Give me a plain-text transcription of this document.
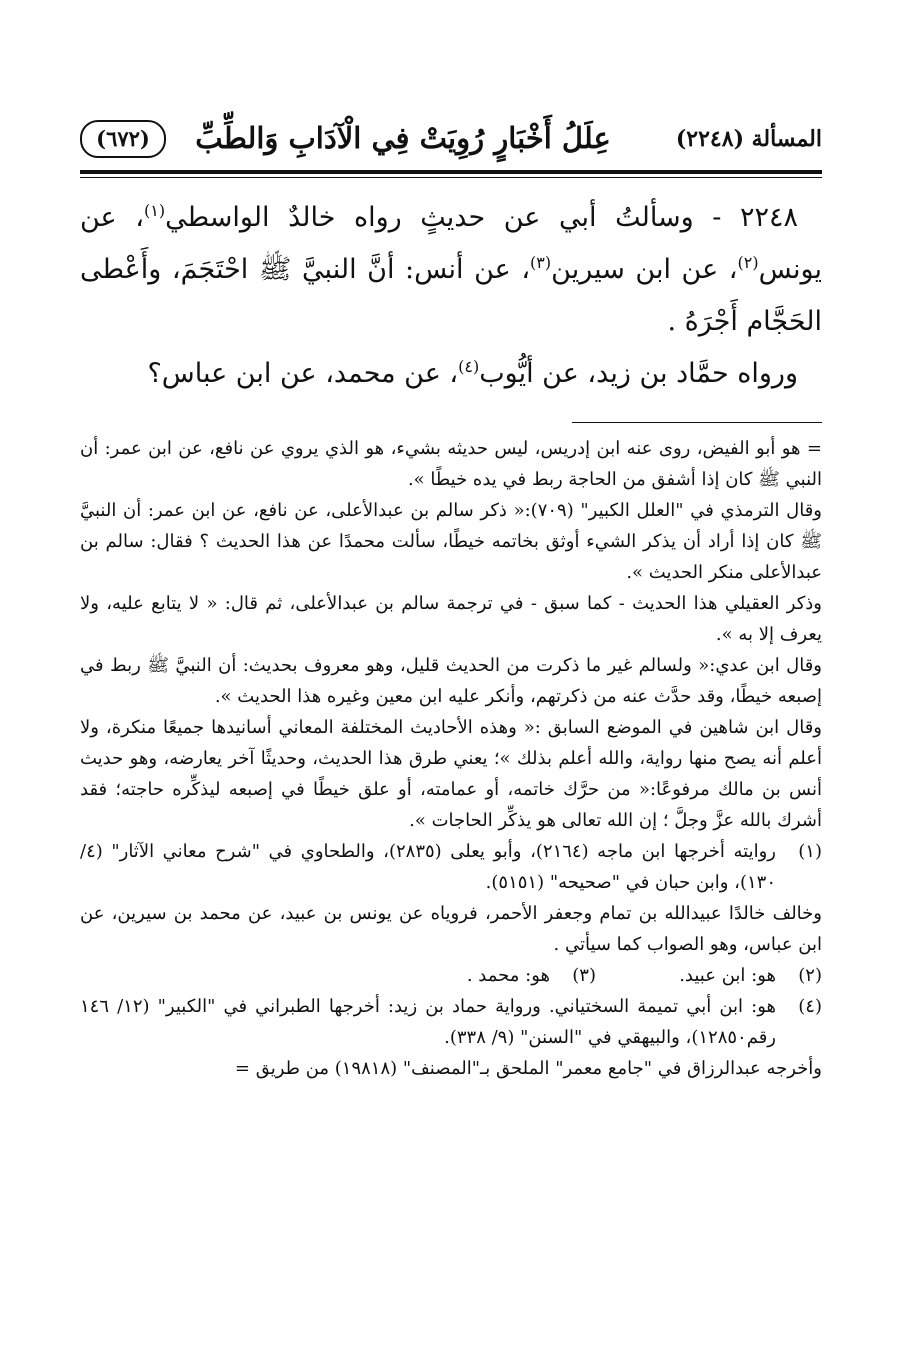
(٦٧٢)	عِلَلُ أَخْبَارٍ رُوِيَتْ فِي الْآدَابِ وَالطِّبِّ	المسألة (٢٢٤٨)

٢٢٤٨ - وسألتُ أبي عن حديثٍ رواه خالدٌ الواسطي$^{(١)}$، عن يونس$^{(٢)}$، عن ابن سيرين$^{(٣)}$، عن أنس: أنَّ النبيَّ ﷺ احْتَجَمَ، وأَعْطى الحَجَّام أَجْرَهُ .

ورواه حمَّاد بن زيد، عن أيُّوب$^{(٤)}$، عن محمد، عن ابن عباس؟

= هو أبو الفيض، روى عنه ابن إدريس، ليس حديثه بشيء، هو الذي يروي عن نافع، عن ابن عمر: أن النبي ﷺ كان إذا أشفق من الحاجة ربط في يده خيطًا ».

وقال الترمذي في "العلل الكبير" (٧٠٩):« ذكر سالم بن عبدالأعلى، عن نافع، عن ابن عمر: أن النبيَّ ﷺ كان إذا أراد أن يذكر الشيء أوثق بخاتمه خيطًا، سألت محمدًا عن هذا الحديث ؟ فقال: سالم بن عبدالأعلى منكر الحديث ».

وذكر العقيلي هذا الحديث - كما سبق - في ترجمة سالم بن عبدالأعلى، ثم قال: « لا يتابع عليه، ولا يعرف إلا به ».

وقال ابن عدي:« ولسالم غير ما ذكرت من الحديث قليل، وهو معروف بحديث: أن النبيَّ ﷺ ربط في إصبعه خيطًا، وقد حدَّث عنه من ذكرتهم، وأنكر عليه ابن معين وغيره هذا الحديث ».

وقال ابن شاهين في الموضع السابق :« وهذه الأحاديث المختلفة المعاني أسانيدها جميعًا منكرة، ولا أعلم أنه يصح منها رواية، والله أعلم بذلك »؛ يعني طرق هذا الحديث، وحديثًا آخر يعارضه، وهو حديث أنس بن مالك مرفوعًا:« من حرَّك خاتمه، أو عمامته، أو علق خيطًا في إصبعه ليذكِّره حاجته؛ فقد أشرك بالله عزَّ وجلَّ ؛ إن الله تعالى هو يذكِّر الحاجات ».

(١)

روايته أخرجها ابن ماجه (٢١٦٤)، وأبو يعلى (٢٨٣٥)، والطحاوي في "شرح معاني الآثار" (٤/ ١٣٠)، وابن حبان في "صحيحه" (٥١٥١).

وخالف خالدًا عبيدالله بن تمام وجعفر الأحمر، فروياه عن يونس بن عبيد، عن محمد بن سيرين، عن ابن عباس، وهو الصواب كما سيأتي .

(٢)
هو: ابن عبيد.
(٣)
هو: محمد .
(٤)

هو: ابن أبي تميمة السختياني. ورواية حماد بن زيد: أخرجها الطبراني في "الكبير" (١٢/ ١٤٦ رقم١٢٨٥٠)، والبيهقي في "السنن" (٩/ ٣٣٨).

وأخرجه عبدالرزاق في "جامع معمر" الملحق بـ"المصنف" (١٩٨١٨) من طريق =
